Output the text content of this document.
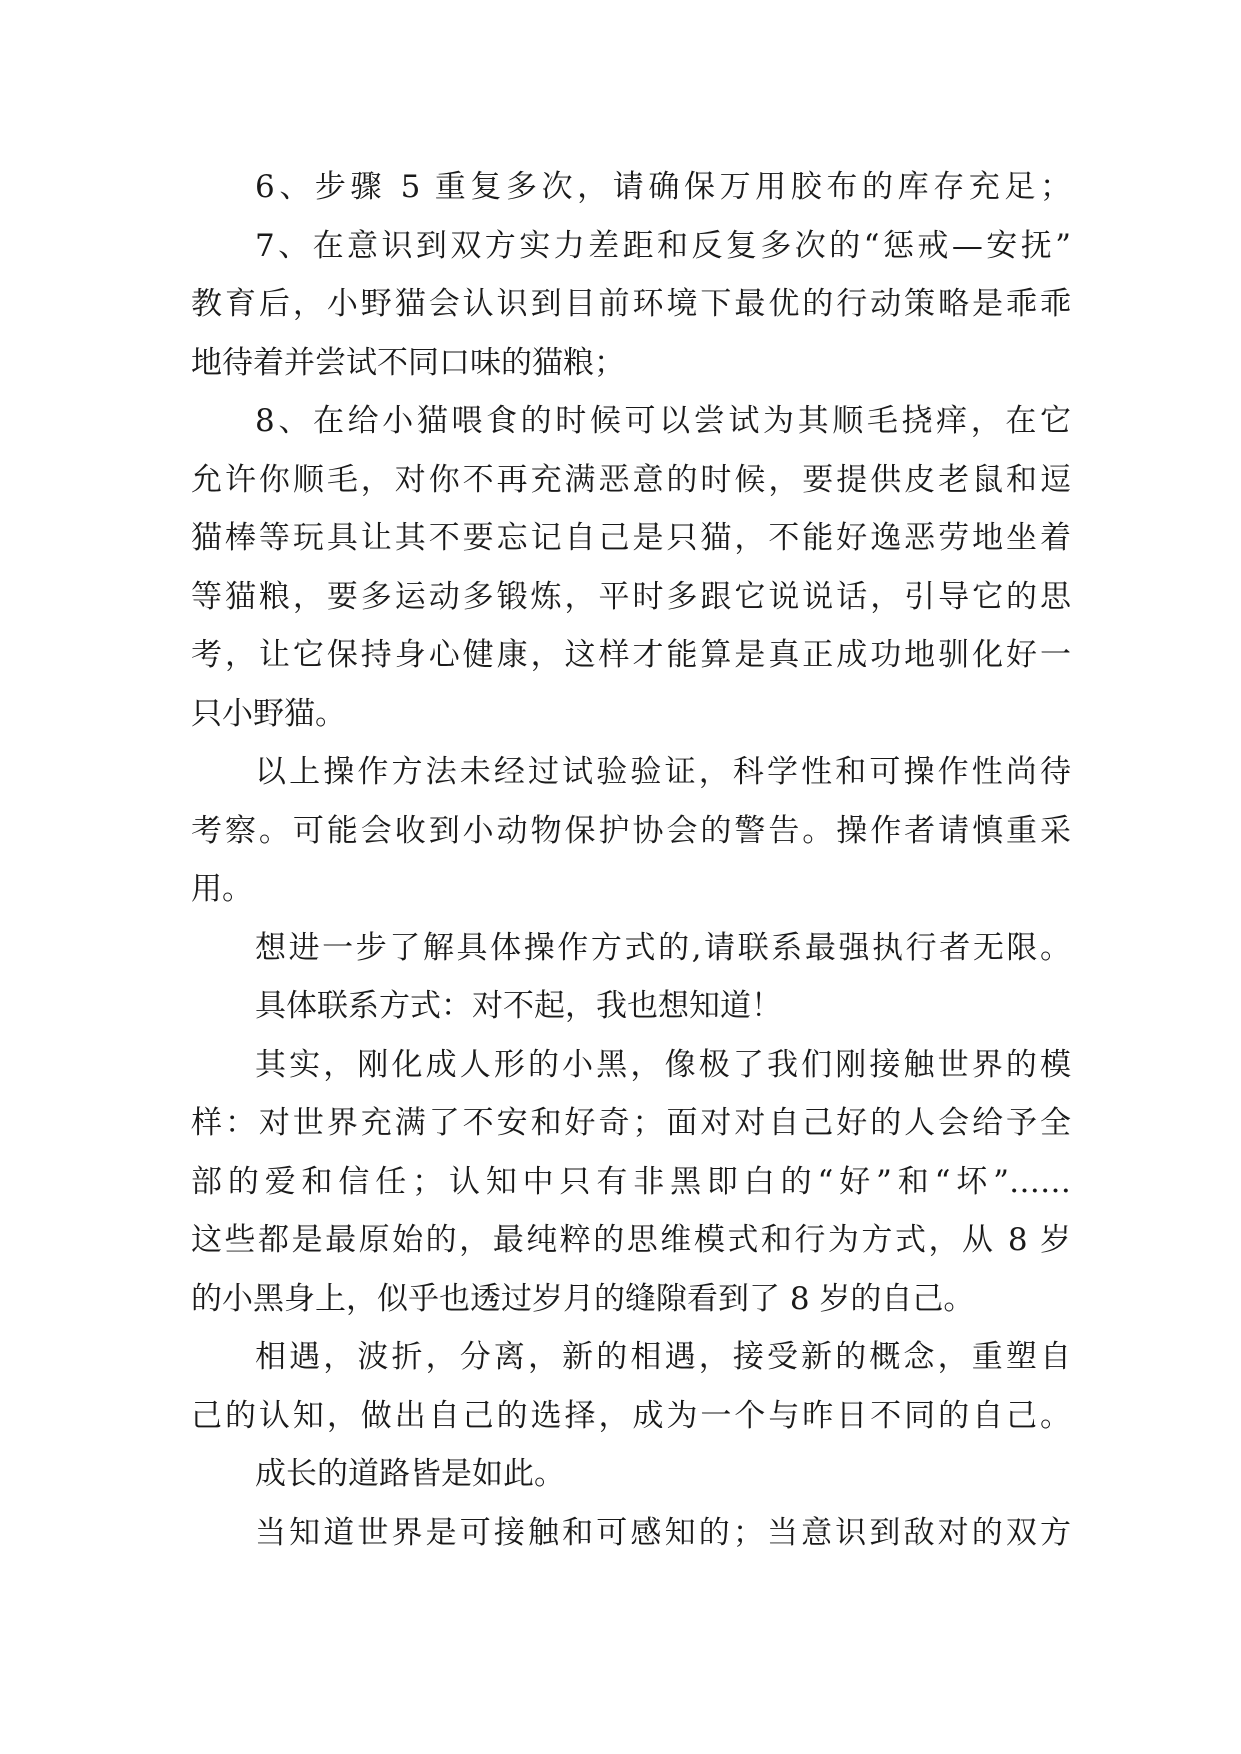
6、步骤 5 重复多次，请确保万用胶布的库存充足；
7、在意识到双方实力差距和反复多次的“惩戒—安抚”
教育后，小野猫会认识到目前环境下最优的行动策略是乖乖
地待着并尝试不同口味的猫粮；
8、在给小猫喂食的时候可以尝试为其顺毛挠痒，在它
允许你顺毛，对你不再充满恶意的时候，要提供皮老鼠和逗
猫棒等玩具让其不要忘记自己是只猫，不能好逸恶劳地坐着
等猫粮，要多运动多锻炼，平时多跟它说说话，引导它的思
考，让它保持身心健康，这样才能算是真正成功地驯化好一
只小野猫。
以上操作方法未经过试验验证，科学性和可操作性尚待
考察。可能会收到小动物保护协会的警告。操作者请慎重采
用。
想进一步了解具体操作方式的,请联系最强执行者无限。
具体联系方式：对不起，我也想知道！
其实，刚化成人形的小黑，像极了我们刚接触世界的模
样：对世界充满了不安和好奇；面对对自己好的人会给予全
部的爱和信任；认知中只有非黑即白的“好”和“坏”……
这些都是最原始的，最纯粹的思维模式和行为方式，从 8 岁
的小黑身上，似乎也透过岁月的缝隙看到了 8 岁的自己。
相遇，波折，分离，新的相遇，接受新的概念，重塑自
己的认知，做出自己的选择，成为一个与昨日不同的自己。
成长的道路皆是如此。
当知道世界是可接触和可感知的；当意识到敌对的双方
